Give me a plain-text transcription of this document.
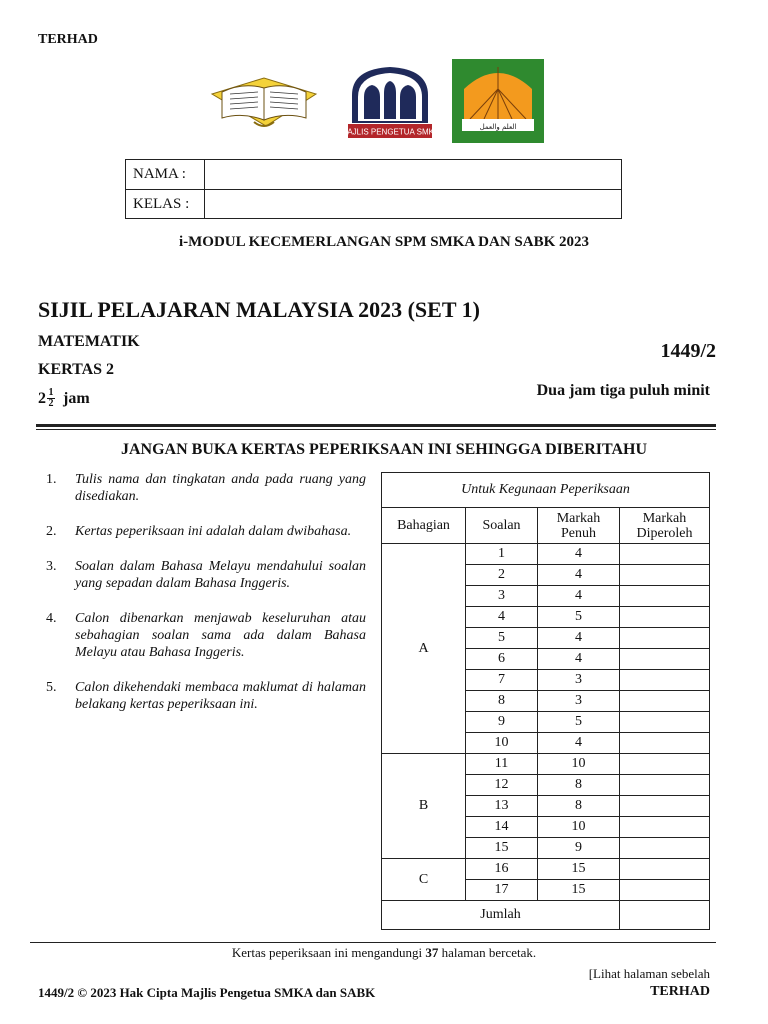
TERHAD
MAJLIS PENGETUA SMKA
العلم والعمل
NAMA :
KELAS :
i-MODUL KECEMERLANGAN SPM SMKA DAN SABK 2023
SIJIL PELAJARAN MALAYSIA 2023 (SET 1)
MATEMATIK	1449/2
KERTAS 2
$2 \frac{1}{2}$ jam	Dua jam tiga puluh minit
JANGAN BUKA KERTAS PEPERIKSAAN INI SEHINGGA DIBERITAHU
1.	Tulis nama dan tingkatan anda pada ruang yang disediakan.
2.	Kertas peperiksaan ini adalah dalam dwibahasa.
3.	Soalan dalam Bahasa Melayu mendahului soalan yang sepadan dalam Bahasa Inggeris.
4.	Calon dibenarkan menjawab keseluruhan atau sebahagian soalan sama ada dalam Bahasa Melayu atau Bahasa Inggeris.
5.	Calon dikehendaki membaca maklumat di halaman belakang kertas peperiksaan ini.
Untuk Kegunaan Peperiksaan			
Bahagian	Soalan	Markah Penuh	Markah Diperoleh
A	1	4	
	2	4	
	3	4	
	4	5	
	5	4	
	6	4	
	7	3	
	8	3	
	9	5	
	10	4	
B	11	10	
	12	8	
	13	8	
	14	10	
	15	9	
C	16	15	
	17	15	
Jumlah			
Kertas peperiksaan ini mengandungi 37 halaman bercetak.
[Lihat halaman sebelah
1449/2 © 2023 Hak Cipta Majlis Pengetua SMKA dan SABK	TERHAD
